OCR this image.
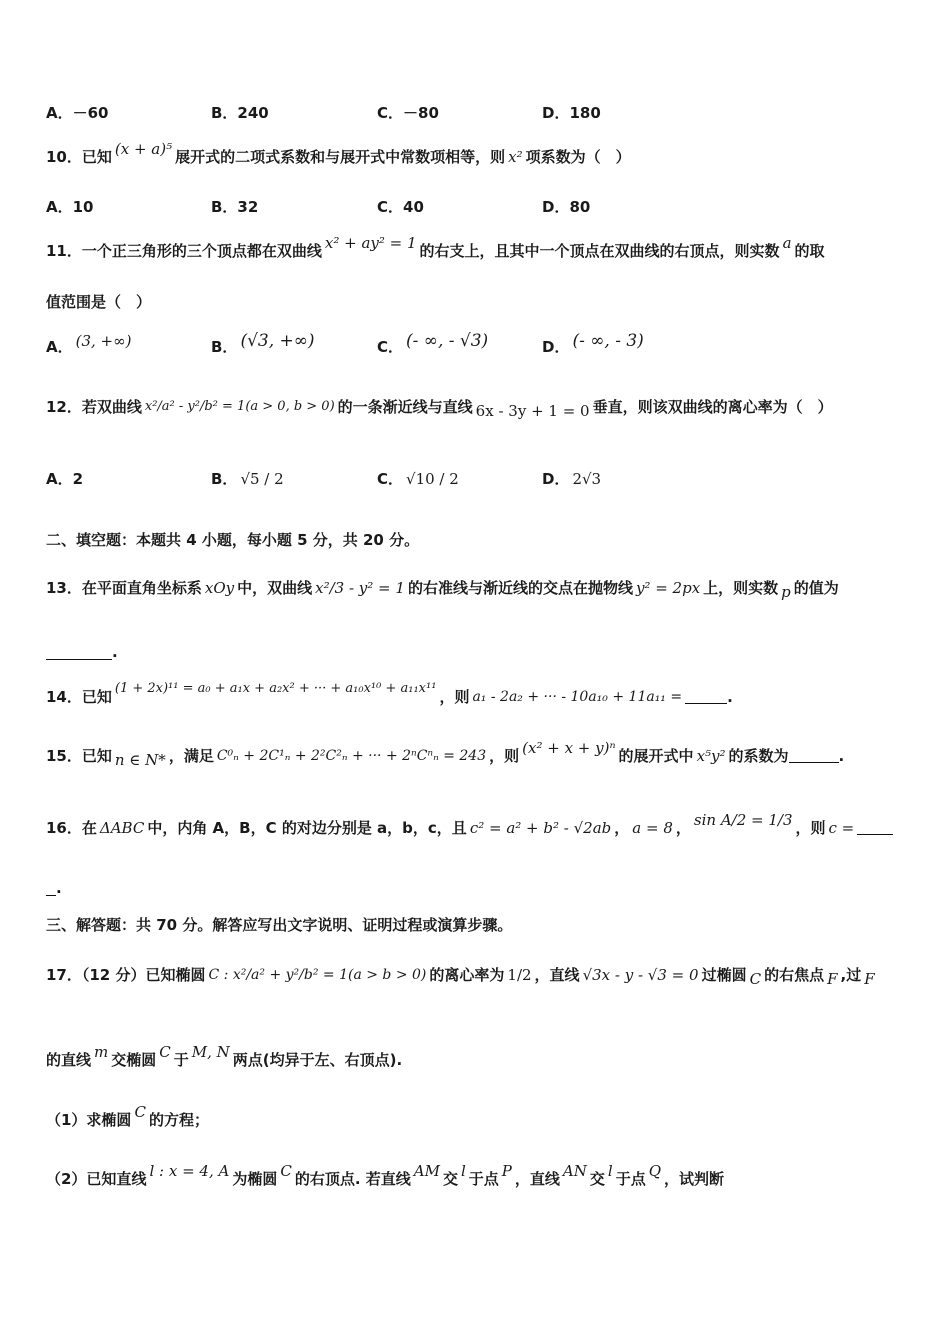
A．－60	B．240	C．－80	D．180
10．已知 (x + a)⁵ 展开式的二项式系数和与展开式中常数项相等，则 x² 项系数为（　）
A．10	B．32	C．40	D．80
11．一个正三角形的三个顶点都在双曲线 x² + ay² = 1 的右支上，且其中一个顶点在双曲线的右顶点，则实数 a 的取
值范围是（　）
A． (3, +∞)	B． (√3, +∞)	C． (- ∞, - √3)	D． (- ∞, - 3)
12．若双曲线 x²/a² - y²/b² = 1(a > 0, b > 0) 的一条渐近线与直线 6x - 3y + 1 = 0 垂直，则该双曲线的离心率为（　）
A．2	B． √5 / 2	C． √10 / 2	D． 2√3
二、填空题：本题共 4 小题，每小题 5 分，共 20 分。
13．在平面直角坐标系 xOy 中，双曲线 x²/3 - y² = 1 的右准线与渐近线的交点在抛物线 y² = 2px 上，则实数 p 的值为
.
14．已知 (1 + 2x)¹¹ = a₀ + a₁x + a₂x² + ··· + a₁₀x¹⁰ + a₁₁x¹¹ ，则 a₁ - 2a₂ + ··· - 10a₁₀ + 11a₁₁ =	.
15．已知 n ∈ N* ，满足 C⁰ₙ + 2C¹ₙ + 2²C²ₙ + ··· + 2ⁿCⁿₙ = 243 ，则 (x² + x + y)ⁿ 的展开式中 x⁵y² 的系数为	.
16．在 ΔABC 中，内角 A，B，C 的对边分别是 a，b，c，且 c² = a² + b² - √2ab ， a = 8 ， sin A/2 = 1/3 ，则 c =
.
三、解答题：共 70 分。解答应写出文字说明、证明过程或演算步骤。
17．（12 分）已知椭圆 C : x²/a² + y²/b² = 1(a > b > 0) 的离心率为 1/2 ，直线 √3x - y - √3 = 0 过椭圆 C 的右焦点 F ,过 F
的直线 m 交椭圆 C 于 M, N 两点(均异于左、右顶点).
（1）求椭圆 C 的方程；
（2）已知直线 l : x = 4, A 为椭圆 C 的右顶点. 若直线 AM 交 l 于点 P ，直线 AN 交 l 于点 Q ，试判断
